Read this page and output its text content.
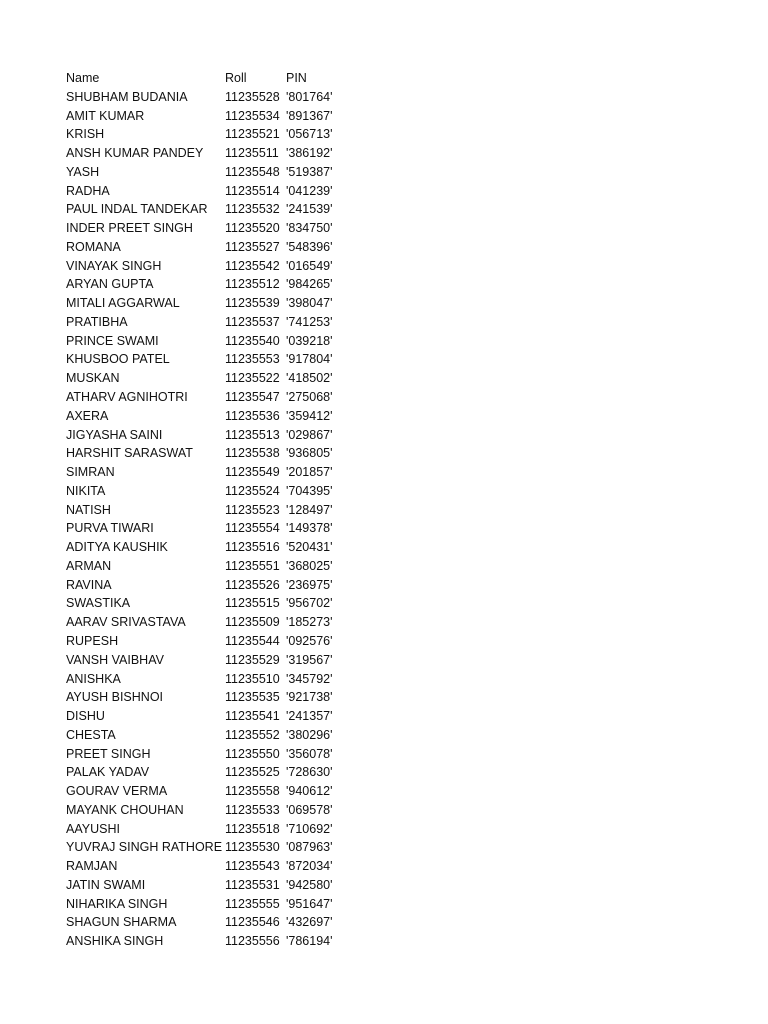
Name	Roll	PIN
SHUBHAM BUDANIA	11235528 '801764'
AMIT KUMAR	11235534 '891367'
KRISH	11235521 '056713'
ANSH KUMAR PANDEY	11235511 '386192'
YASH	11235548 '519387'
RADHA	11235514 '041239'
PAUL INDAL TANDEKAR	11235532 '241539'
INDER PREET SINGH	11235520 '834750'
ROMANA	11235527 '548396'
VINAYAK SINGH	11235542 '016549'
ARYAN GUPTA	11235512 '984265'
MITALI AGGARWAL	11235539 '398047'
PRATIBHA	11235537 '741253'
PRINCE SWAMI	11235540 '039218'
KHUSBOO PATEL	11235553 '917804'
MUSKAN	11235522 '418502'
ATHARV AGNIHOTRI	11235547 '275068'
AXERA	11235536 '359412'
JIGYASHA SAINI	11235513 '029867'
HARSHIT SARASWAT	11235538 '936805'
SIMRAN	11235549 '201857'
NIKITA	11235524 '704395'
NATISH	11235523 '128497'
PURVA TIWARI	11235554 '149378'
ADITYA KAUSHIK	11235516 '520431'
ARMAN	11235551 '368025'
RAVINA	11235526 '236975'
SWASTIKA	11235515 '956702'
AARAV SRIVASTAVA	11235509 '185273'
RUPESH	11235544 '092576'
VANSH VAIBHAV	11235529 '319567'
ANISHKA	11235510 '345792'
AYUSH BISHNOI	11235535 '921738'
DISHU	11235541 '241357'
CHESTA	11235552 '380296'
PREET SINGH	11235550 '356078'
PALAK YADAV	11235525 '728630'
GOURAV VERMA	11235558 '940612'
MAYANK CHOUHAN	11235533 '069578'
AAYUSHI	11235518 '710692'
YUVRAJ SINGH RATHORE 11235530 '087963'
RAMJAN	11235543 '872034'
JATIN SWAMI	11235531 '942580'
NIHARIKA SINGH	11235555 '951647'
SHAGUN SHARMA	11235546 '432697'
ANSHIKA SINGH	11235556 '786194'
